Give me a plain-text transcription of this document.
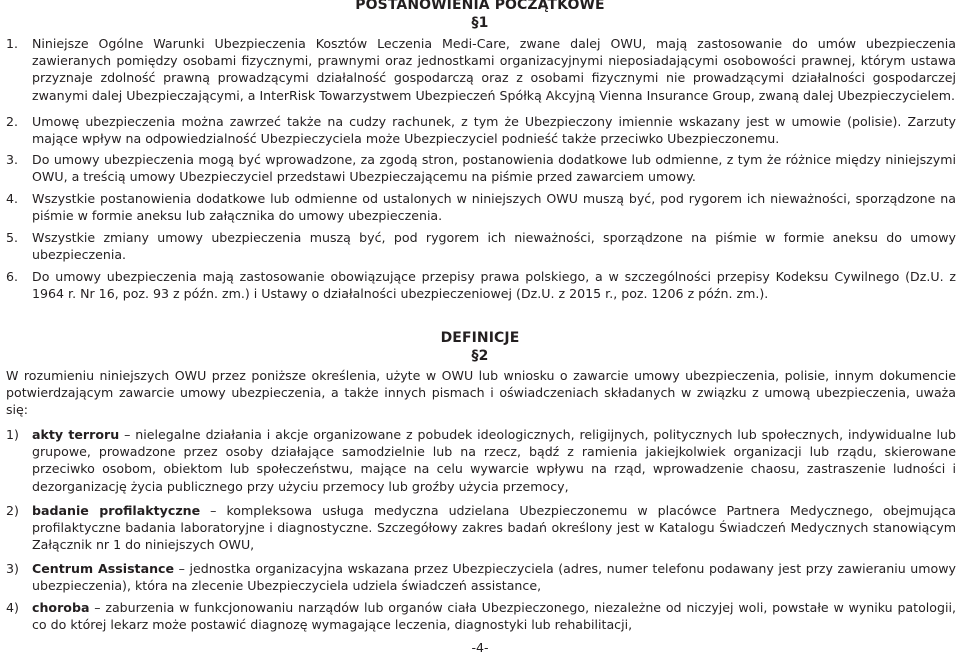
POSTANOWIENIA POCZĄTKOWE
§1
1. Niniejsze Ogólne Warunki Ubezpieczenia Kosztów Leczenia Medi-Care, zwane dalej OWU, mają zastosowanie do umów ubezpieczenia zawieranych pomiędzy osobami fizycznymi, prawnymi oraz jednostkami organizacyjnymi nieposiadającymi osobowości prawnej, którym ustawa przyznaje zdolność prawną prowadzącymi działalność gospodarczą oraz z osobami fizycznymi nie prowadzącymi działalności gospodarczej zwanymi dalej Ubezpieczającymi, a InterRisk Towarzystwem Ubezpieczeń Spółką Akcyjną Vienna Insurance Group, zwaną dalej Ubezpieczycielem.
2. Umowę ubezpieczenia można zawrzeć także na cudzy rachunek, z tym że Ubezpieczony imiennie wskazany jest w umowie (polisie). Zarzuty mające wpływ na odpowiedzialność Ubezpieczyciela może Ubezpieczyciel podnieść także przeciwko Ubezpieczonemu.
3. Do umowy ubezpieczenia mogą być wprowadzone, za zgodą stron, postanowienia dodatkowe lub odmienne, z tym że różnice między niniejszymi OWU, a treścią umowy Ubezpieczyciel przedstawi Ubezpieczającemu na piśmie przed zawarciem umowy.
4. Wszystkie postanowienia dodatkowe lub odmienne od ustalonych w niniejszych OWU muszą być, pod rygorem ich nieważności, sporządzone na piśmie w formie aneksu lub załącznika do umowy ubezpieczenia.
5. Wszystkie zmiany umowy ubezpieczenia muszą być, pod rygorem ich nieważności, sporządzone na piśmie w formie aneksu do umowy ubezpieczenia.
6. Do umowy ubezpieczenia mają zastosowanie obowiązujące przepisy prawa polskiego, a w szczególności przepisy Kodeksu Cywilnego (Dz.U. z 1964 r. Nr 16, poz. 93 z późn. zm.) i Ustawy o działalności ubezpieczeniowej (Dz.U. z 2015 r., poz. 1206 z późn. zm.).
DEFINICJE
§2
W rozumieniu niniejszych OWU przez poniższe określenia, użyte w OWU lub wniosku o zawarcie umowy ubezpieczenia, polisie, innym dokumencie potwierdzającym zawarcie umowy ubezpieczenia, a także innych pismach i oświadczeniach składanych w związku z umową ubezpieczenia, uważa się:
1) akty terroru – nielegalne działania i akcje organizowane z pobudek ideologicznych, religijnych, politycznych lub społecznych, indywidualne lub grupowe, prowadzone przez osoby działające samodzielnie lub na rzecz, bądź z ramienia jakiejkolwiek organizacji lub rządu, skierowane przeciwko osobom, obiektom lub społeczeństwu, mające na celu wywarcie wpływu na rząd, wprowadzenie chaosu, zastraszenie ludności i dezorganizację życia publicznego przy użyciu przemocy lub groźby użycia przemocy,
2) badanie profilaktyczne – kompleksowa usługa medyczna udzielana Ubezpieczonemu w placówce Partnera Medycznego, obejmująca profilaktyczne badania laboratoryjne i diagnostyczne. Szczegółowy zakres badań określony jest w Katalogu Świadczeń Medycznych stanowiącym Załącznik nr 1 do niniejszych OWU,
3) Centrum Assistance – jednostka organizacyjna wskazana przez Ubezpieczyciela (adres, numer telefonu podawany jest przy zawieraniu umowy ubezpieczenia), która na zlecenie Ubezpieczyciela udziela świadczeń assistance,
4) choroba – zaburzenia w funkcjonowaniu narządów lub organów ciała Ubezpieczonego, niezależne od niczyjej woli, powstałe w wyniku patologii, co do której lekarz może postawić diagnozę wymagające leczenia, diagnostyki lub rehabilitacji,
-4-
